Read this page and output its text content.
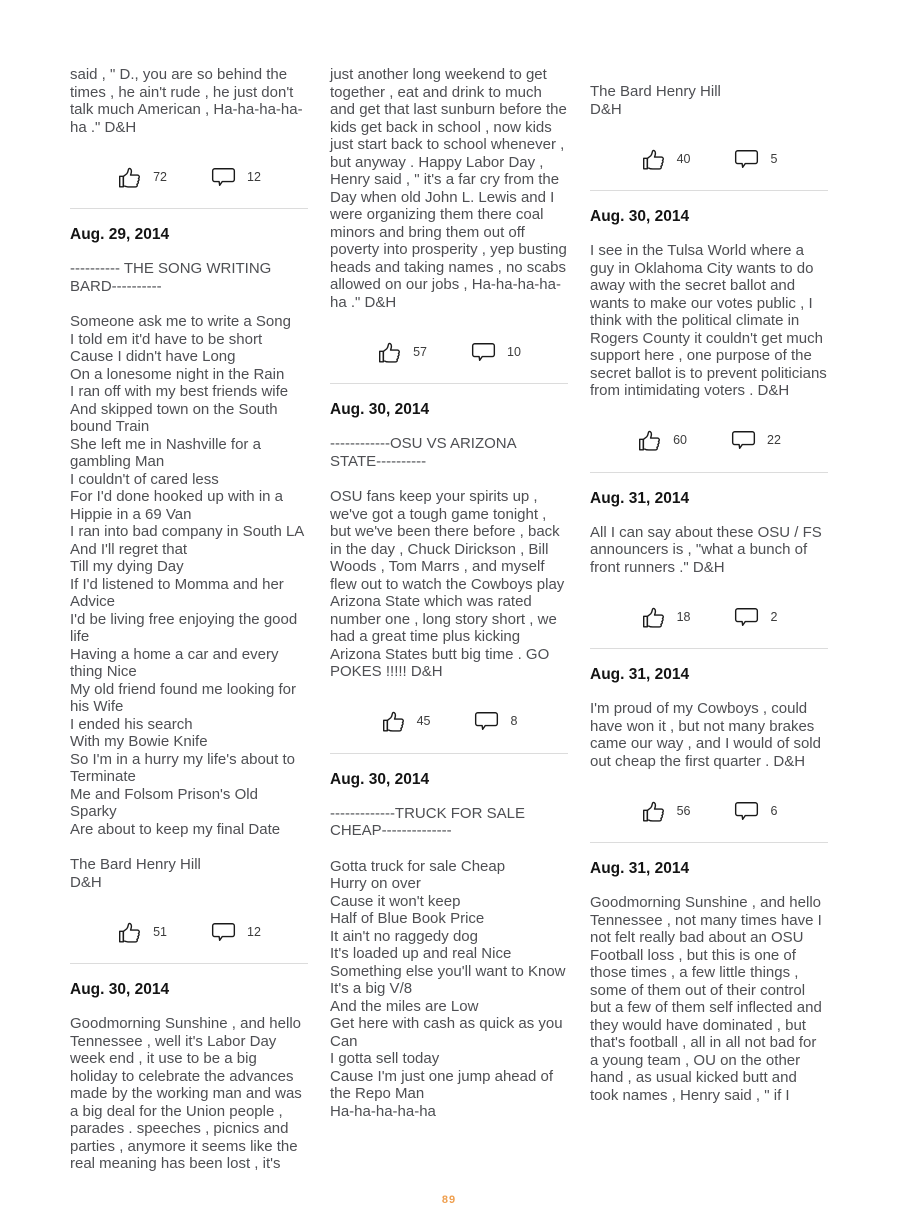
said , " D., you are so behind the times , he ain't rude , he just don't talk much American , Ha-ha-ha-ha-ha ." D&H

72	12
Aug. 29, 2014

---------- THE SONG WRITING BARD----------

Someone ask me to write a Song
I told em it'd have to be short
Cause I didn't have Long
On a lonesome night in the Rain
I ran off with my best friends wife
And skipped town on the South bound Train
She left me in Nashville for a gambling Man
I couldn't of cared less
For I'd done hooked up with in a Hippie in a 69 Van
I ran into bad company in South LA
And I'll regret that
Till my dying Day
If I'd listened to Momma and her Advice
I'd be living free enjoying the good life
Having a home a car and every thing Nice
My old friend found me looking for his Wife
I ended his search
With my Bowie Knife
So I'm in a hurry my life's about to Terminate
Me and Folsom Prison's Old Sparky
Are about to keep my final Date
The Bard Henry Hill
D&H
51	12
Aug. 30, 2014

Goodmorning Sunshine , and hello Tennessee , well it's Labor Day week end , it use to be a big holiday to celebrate the advances made by the working man and was a big deal for the Union people , parades . speeches , picnics and parties , anymore it seems like the real meaning has been lost , it's

just another long weekend to get together , eat and drink to much and get that last sunburn before the kids get back in school , now kids just start back to school whenever , but anyway . Happy Labor Day , Henry said , " it's a far cry from the Day when old John L. Lewis and I were organizing them there coal minors and bring them out off poverty into prosperity , yep busting heads and taking names , no scabs allowed on our jobs , Ha-ha-ha-ha-ha ." D&H

57	10
Aug. 30, 2014

------------OSU VS ARIZONA STATE----------

OSU fans keep your spirits up , we've got a tough game tonight , but we've been there before , back in the day , Chuck Dirickson , Bill Woods , Tom Marrs , and myself flew out to watch the Cowboys play Arizona State which was rated number one , long story short , we had a great time plus kicking Arizona States butt big time . GO POKES !!!!! D&H

45	8
Aug. 30, 2014

-------------TRUCK FOR SALE CHEAP--------------

Gotta truck for sale Cheap
Hurry on over
Cause it won't keep
Half of Blue Book Price
It ain't no raggedy dog
It's loaded up and real Nice
Something else you'll want to Know
It's a big V/8
And the miles are Low
Get here with cash as quick as you Can
I gotta sell today
Cause I'm just one jump ahead of the Repo Man
Ha-ha-ha-ha-ha
The Bard Henry Hill
D&H
40	5
Aug. 30, 2014

I see in the Tulsa World where a guy in Oklahoma City wants to do away with the secret ballot and wants to make our votes public , I think with the political climate in Rogers County it couldn't get much support here , one purpose of the secret ballot is to prevent politicians from intimidating voters . D&H

60	22
Aug. 31, 2014

All I can say about these OSU / FS announcers is , "what a bunch of front runners ." D&H

18	2
Aug. 31, 2014

I'm proud of my Cowboys , could have won it , but not many brakes came our way , and I would of sold out cheap the first quarter . D&H

56	6
Aug. 31, 2014

Goodmorning Sunshine , and hello Tennessee , not many times have I not felt really bad about an OSU Football loss , but this is one of those times , a few little things , some of them out of their control but a few of them self inflected and they would have dominated , but that's football , all in all not bad for a young team , OU on the other hand , as usual kicked butt and took names , Henry said , " if I

89
